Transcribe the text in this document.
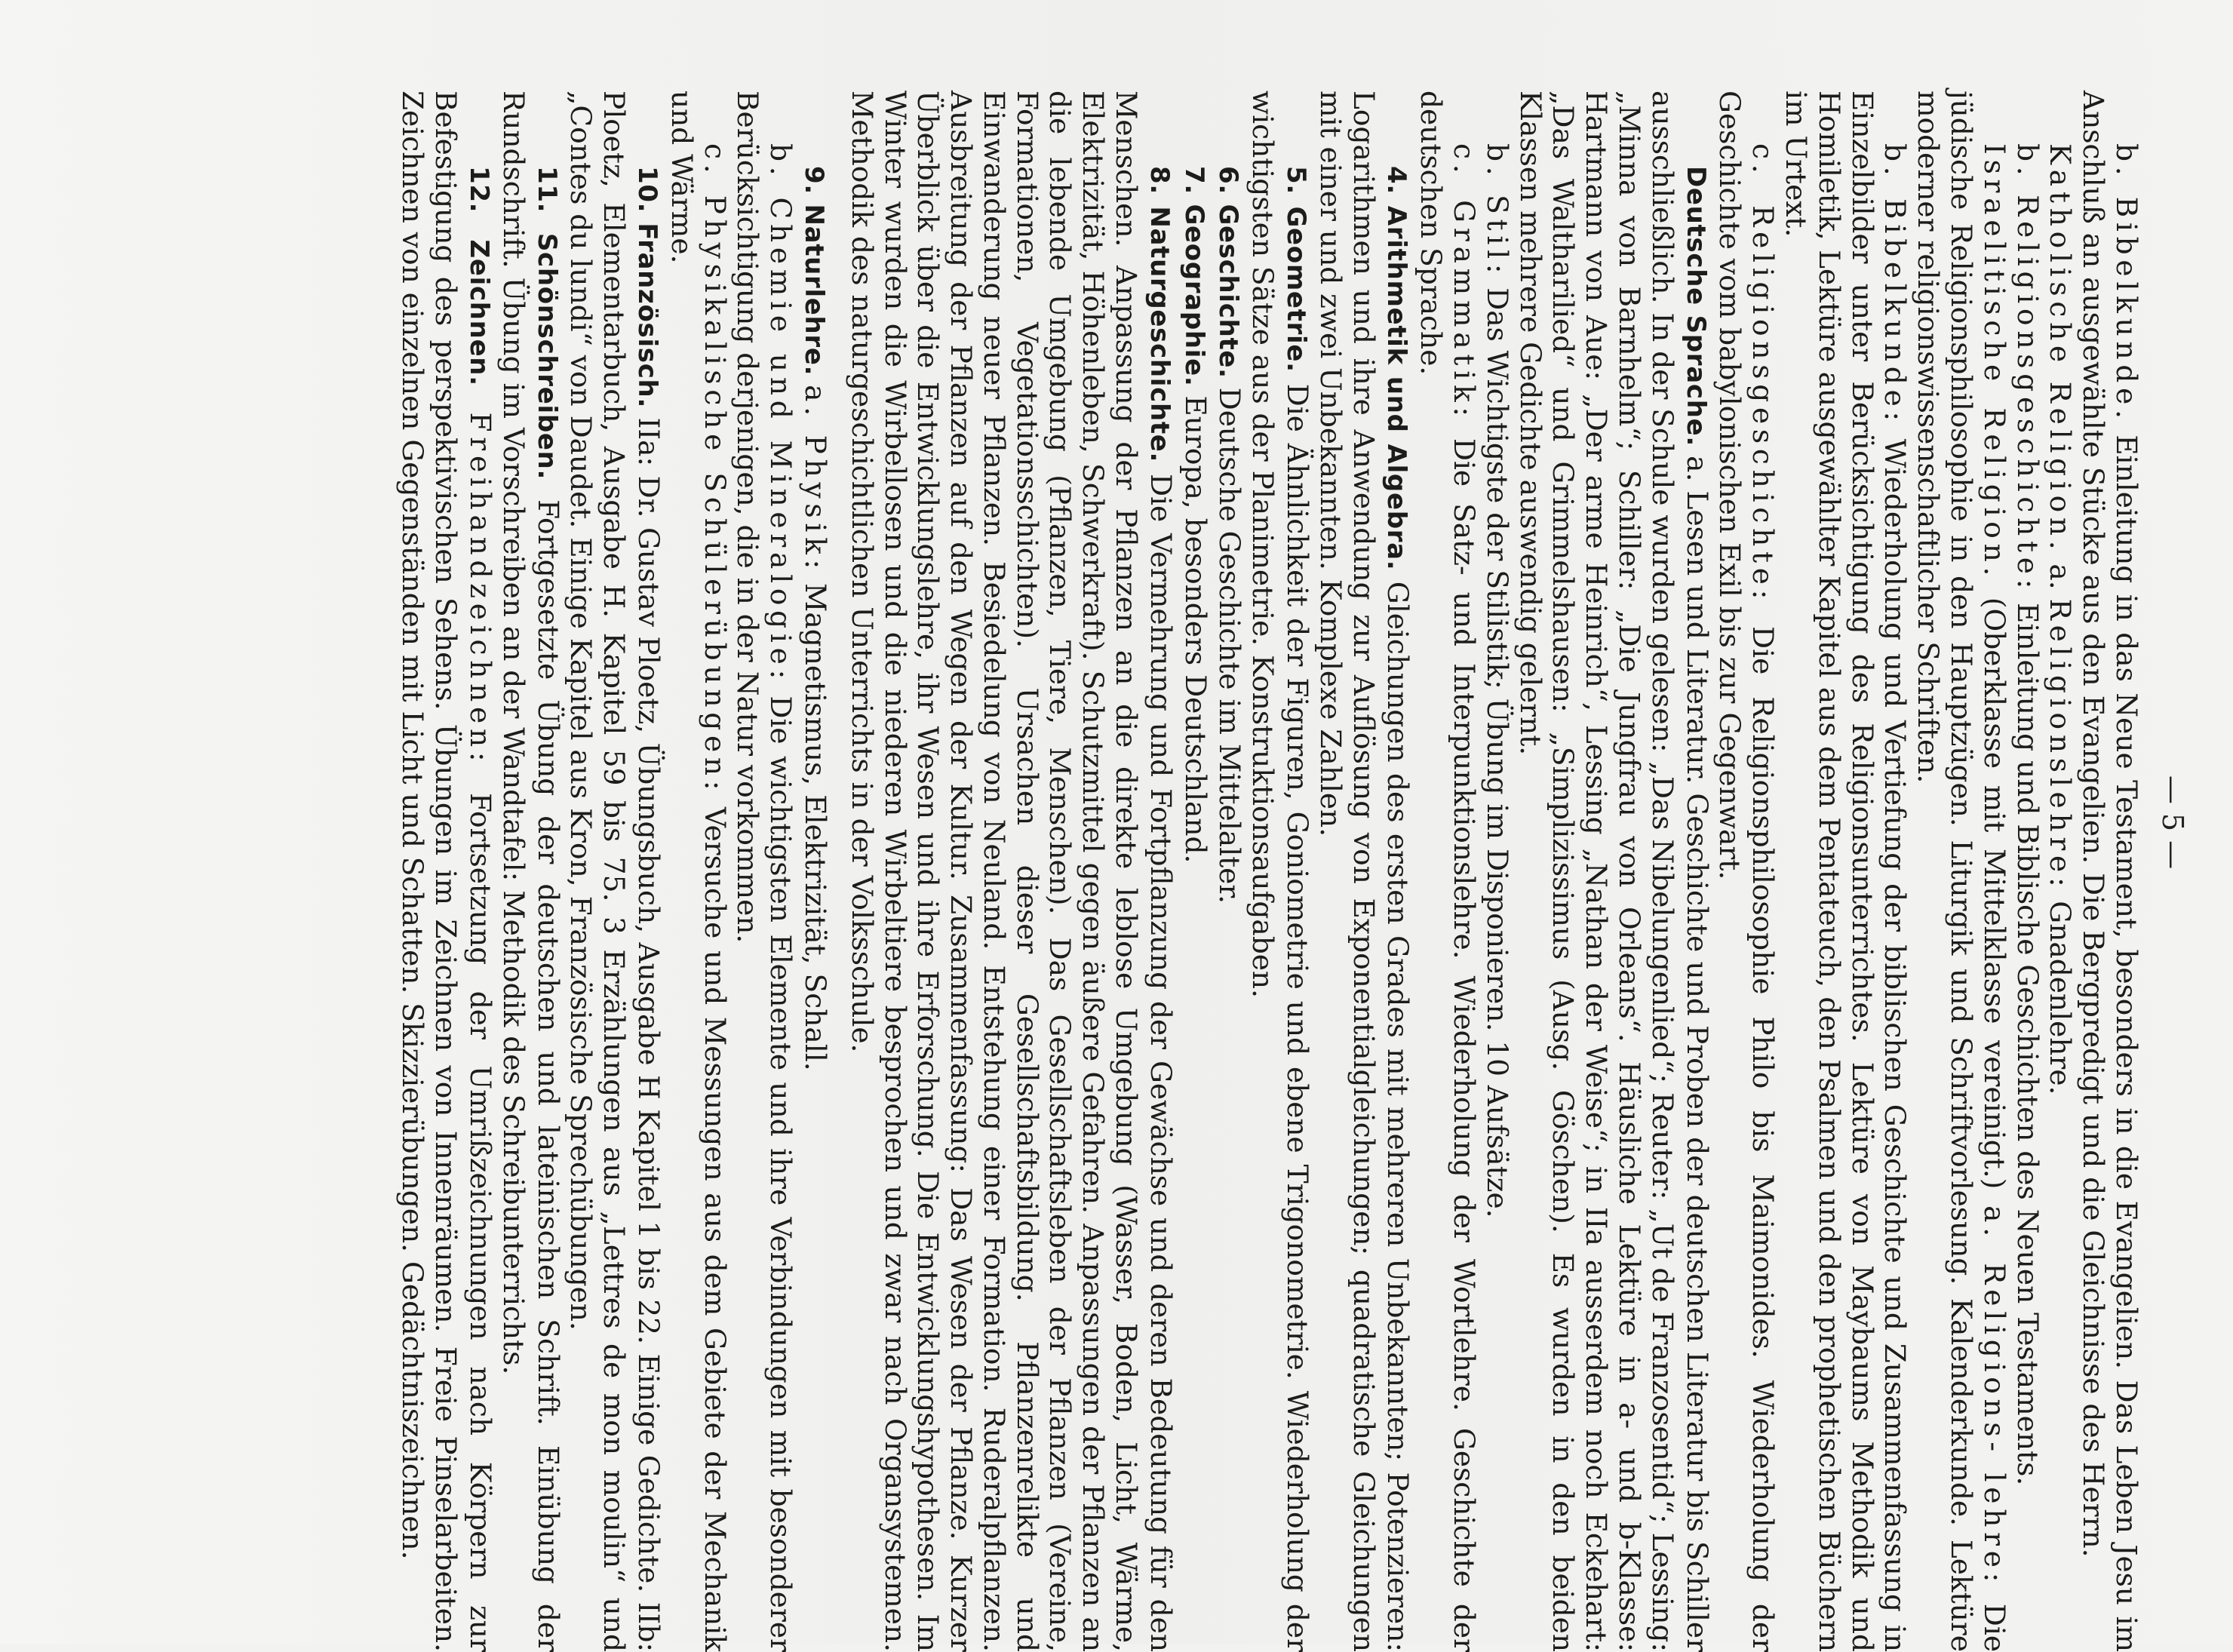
— 5 —

b. Bibelkunde. Einleitung in das Neue Testament, besonders in die Evangelien. Das Leben Jesu im Anschluß an ausgewählte Stücke aus den Evangelien. Die Bergpredigt und die Gleichnisse des Herrn.

Katholische Religion. a. Religionslehre: Gnadenlehre.

b. Religionsgeschichte: Einleitung und Biblische Geschichten des Neuen Testaments.

Israelitische Religion. (Oberklasse mit Mittelklasse vereinigt.) a. Religions- lehre: Die jüdische Religionsphilosophie in den Hauptzügen. Liturgik und Schriftvorlesung. Kalenderkunde. Lektüre moderner religionswissenschaftlicher Schriften.

b. Bibelkunde: Wiederholung und Vertiefung der biblischen Geschichte und Zusammenfassung in Einzelbilder unter Berücksichtigung des Religionsunterrichtes. Lektüre von Maybaums Methodik und Homiletik, Lektüre ausgewählter Kapitel aus dem Pentateuch, den Psalmen und den prophetischen Büchern im Urtext.

c. Religionsgeschichte: Die Religionsphilosophie Philo bis Maimonides. Wiederholung der Geschichte vom babylonischen Exil bis zur Gegenwart.

Deutsche Sprache. a. Lesen und Literatur. Geschichte und Proben der deutschen Literatur bis Schiller ausschließlich. In der Schule wurden gelesen: „Das Nibelungenlied“; Reuter: „Ut de Franzosentid“; Lessing: „Minna von Barnhelm“; Schiller: „Die Jungfrau von Orleans“. Häusliche Lektüre in a- und b-Klasse: Hartmann von Aue: „Der arme Heinrich“, Lessing „Nathan der Weise“; in IIa ausserdem noch Eckehart: „Das Waltharilied“ und Grimmelshausen: „Simplizissimus (Ausg. Göschen). Es wurden in den beiden Klassen mehrere Gedichte auswendig gelernt.

b. Stil: Das Wichtigste der Stilistik; Übung im Disponieren. 10 Aufsätze.

c. Grammatik: Die Satz- und Interpunktionslehre. Wiederholung der Wortlehre. Geschichte der deutschen Sprache.

4. Arithmetik und Algebra. Gleichungen des ersten Grades mit mehreren Unbekannten; Potenzieren: Logarithmen und ihre Anwendung zur Auflösung von Exponentialgleichungen; quadratische Gleichungen mit einer und zwei Unbekannten. Komplexe Zahlen.

5. Geometrie. Die Ähnlichkeit der Figuren, Goniometrie und ebene Trigonometrie. Wiederholung der wichtigsten Sätze aus der Planimetrie. Konstruktionsaufgaben.

6. Geschichte. Deutsche Geschichte im Mittelalter.

7. Geographie. Europa, besonders Deutschland.

8. Naturgeschichte. Die Vermehrung und Fortpflanzung der Gewächse und deren Bedeutung für den Menschen. Anpassung der Pflanzen an die direkte leblose Umgebung (Wasser, Boden, Licht, Wärme, Elektrizität, Höhenleben, Schwerkraft). Schutzmittel gegen äußere Gefahren. Anpassungen der Pflanzen an die lebende Umgebung (Pflanzen, Tiere, Menschen). Das Gesellschaftsleben der Pflanzen (Vereine, Formationen, Vegetationsschichten). Ursachen dieser Gesellschaftsbildung. Pflanzenrelikte und Einwanderung neuer Pflanzen. Besiedelung von Neuland. Entstehung einer Formation. Ruderalpflanzen. Ausbreitung der Pflanzen auf den Wegen der Kultur. Zusammenfassung: Das Wesen der Pflanze. Kurzer Überblick über die Entwicklungslehre, ihr Wesen und ihre Erforschung. Die Entwicklungshypothesen. Im Winter wurden die Wirbellosen und die niederen Wirbeltiere besprochen und zwar nach Organsystemen. Methodik des naturgeschichtlichen Unterrichts in der Volksschule.

9. Naturlehre. a. Physik: Magnetismus, Elektrizität, Schall.

b. Chemie und Mineralogie: Die wichtigsten Elemente und ihre Verbindungen mit besonderer Berücksichtigung derjenigen, die in der Natur vorkommen.

c. Physikalische Schülerübungen: Versuche und Messungen aus dem Gebiete der Mechanik und Wärme.

10. Französisch. IIa: Dr. Gustav Ploetz, Übungsbuch, Ausgabe H Kapitel 1 bis 22. Einige Gedichte. IIb: Ploetz, Elementarbuch, Ausgabe H. Kapitel 59 bis 75. 3 Erzählungen aus „Lettres de mon moulin“ und „Contes du lundi“ von Daudet. Einige Kapitel aus Kron, Französische Sprechübungen.

11. Schönschreiben. Fortgesetzte Übung der deutschen und lateinischen Schrift. Einübung der Rundschrift. Übung im Vorschreiben an der Wandtafel: Methodik des Schreibunterrichts.

12. Zeichnen. Freihandzeichnen: Fortsetzung der Umrißzeichnungen nach Körpern zur Befestigung des perspektivischen Sehens. Übungen im Zeichnen von Innenräumen. Freie Pinselarbeiten. Zeichnen von einzelnen Gegenständen mit Licht und Schatten. Skizzierübungen. Gedächtniszeichnen.
